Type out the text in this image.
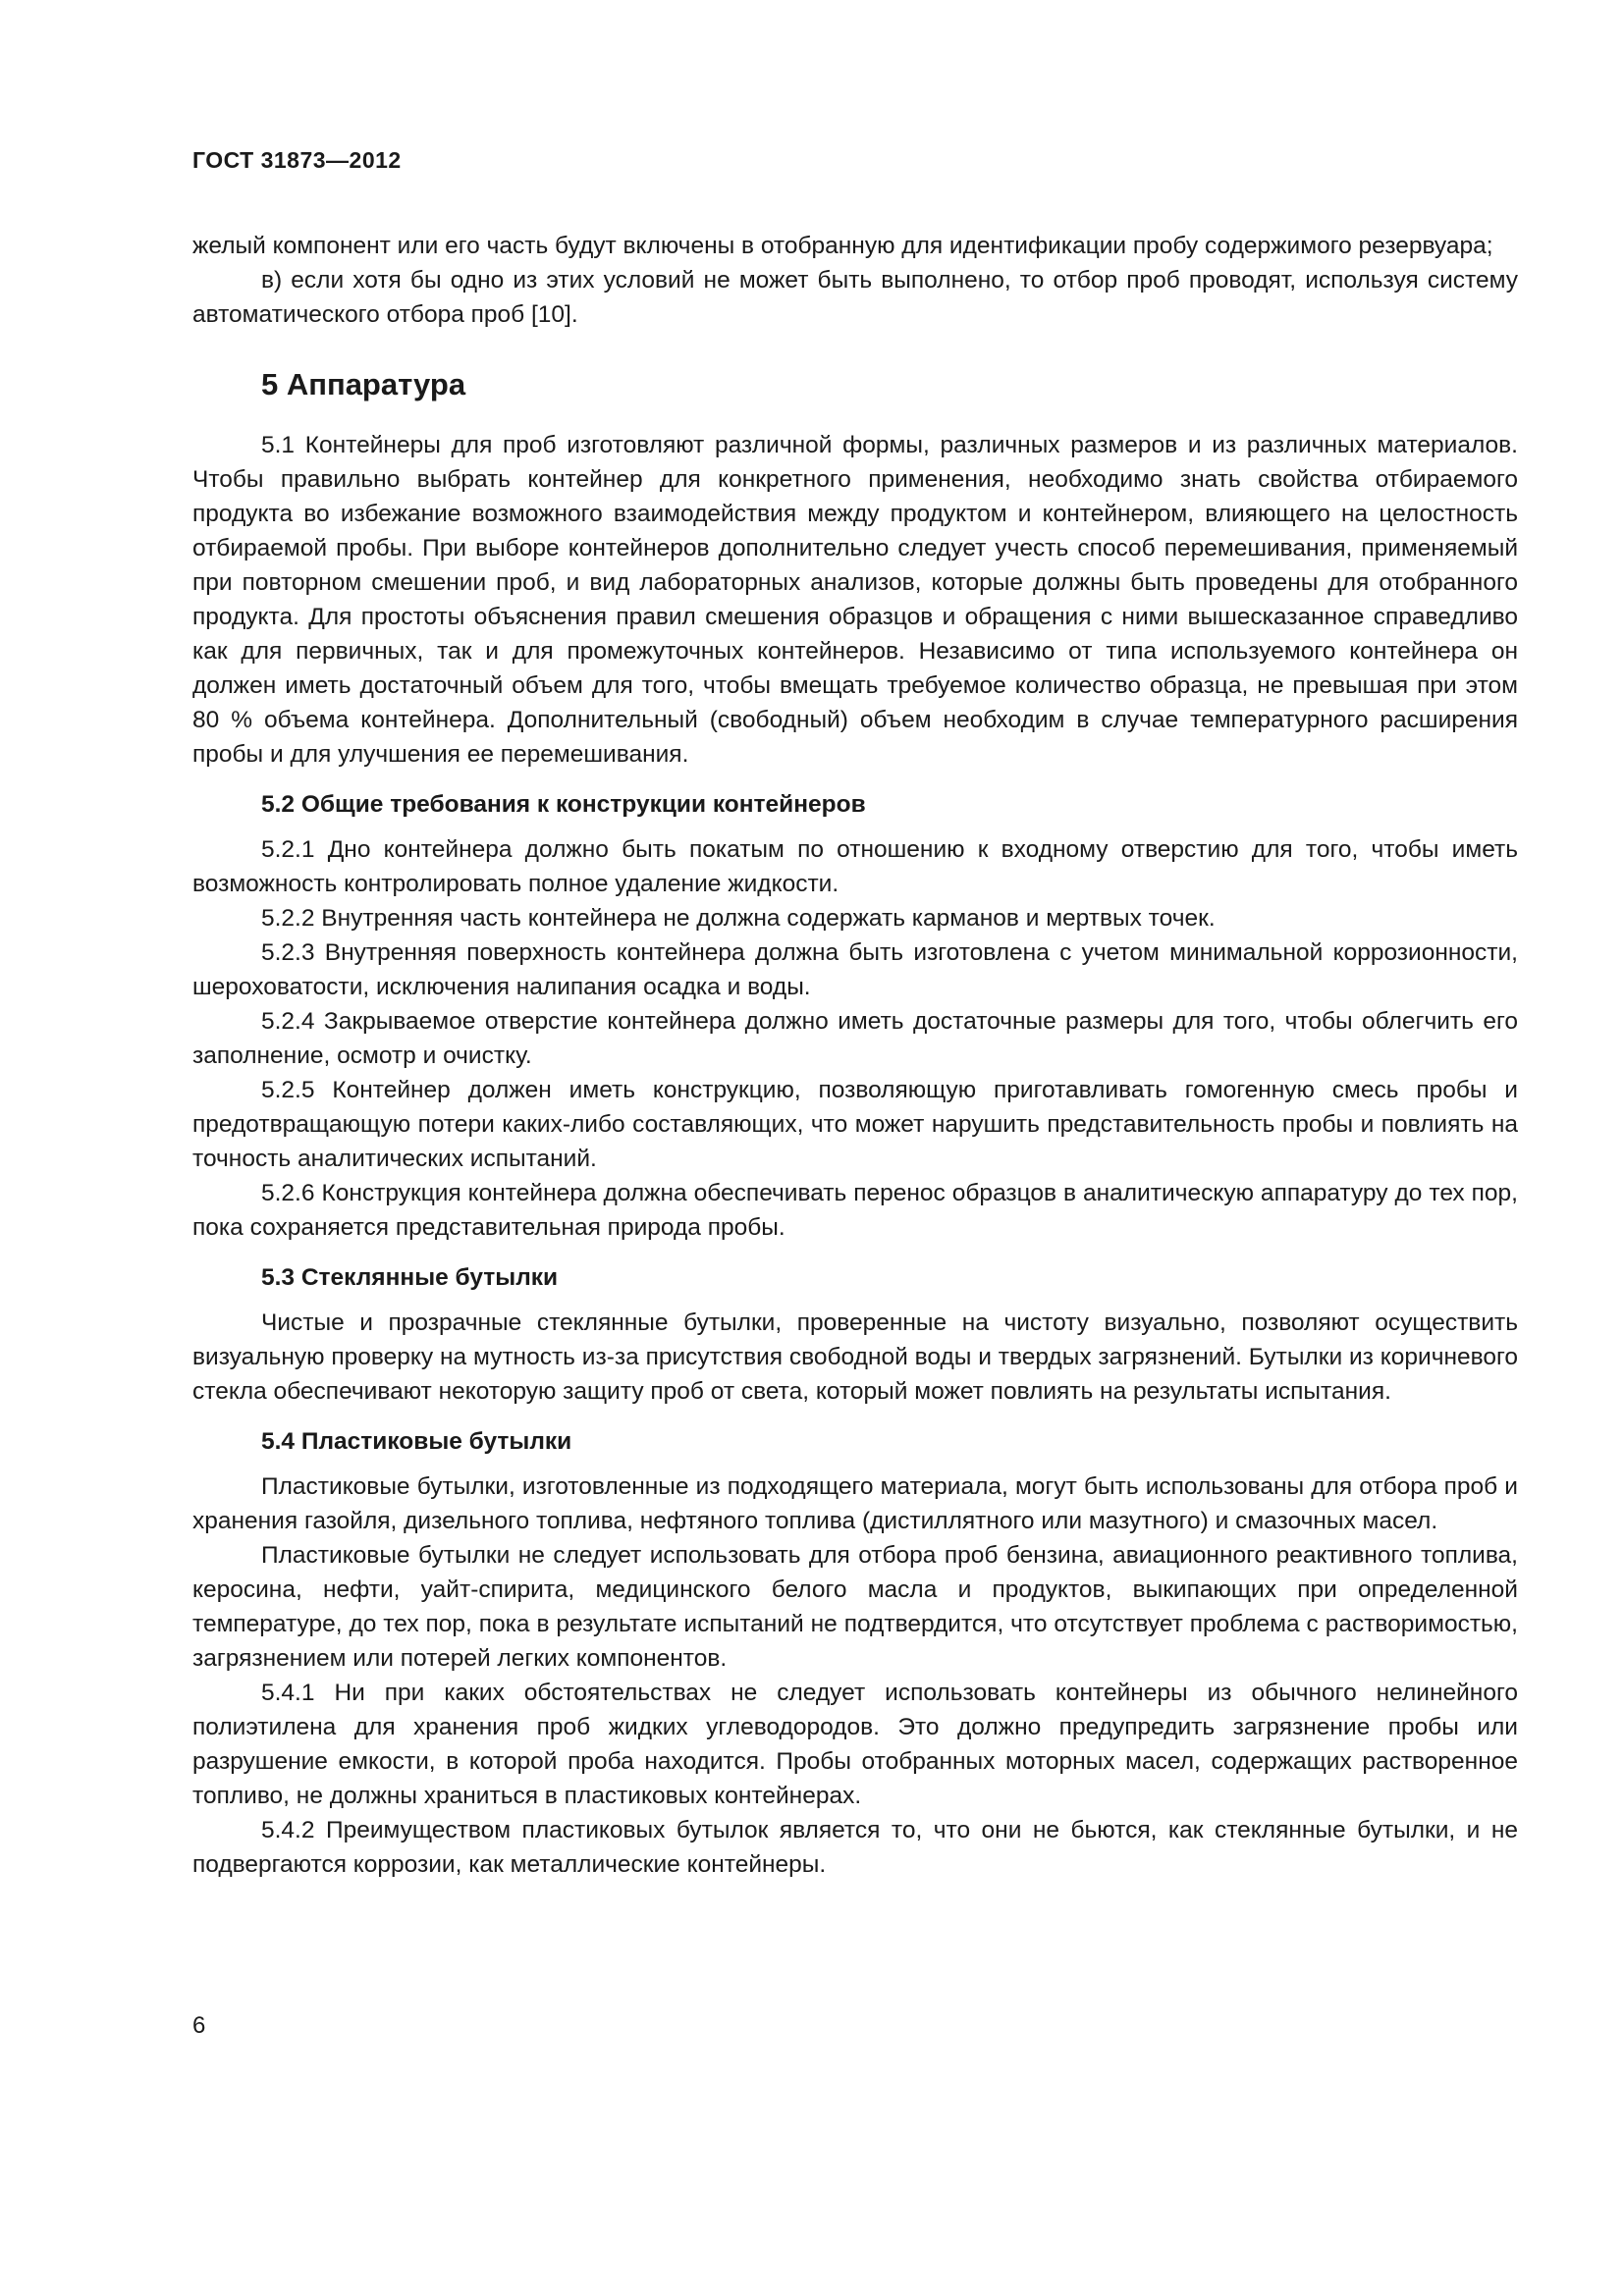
ГОСТ 31873—2012

желый компонент или его часть будут включены в отобранную для идентификации пробу содержимого резервуара;

в) если хотя бы одно из этих условий не может быть выполнено, то отбор проб проводят, используя систему автоматического отбора проб [10].

5 Аппаратура

5.1 Контейнеры для проб изготовляют различной формы, различных размеров и из различных материалов. Чтобы правильно выбрать контейнер для конкретного применения, необходимо знать свойства отбираемого продукта во избежание возможного взаимодействия между продуктом и контейнером, влияющего на целостность отбираемой пробы. При выборе контейнеров дополнительно следует учесть способ перемешивания, применяемый при повторном смешении проб, и вид лабораторных анализов, которые должны быть проведены для отобранного продукта. Для простоты объяснения правил смешения образцов и обращения с ними вышесказанное справедливо как для первичных, так и для промежуточных контейнеров. Независимо от типа используемого контейнера он должен иметь достаточный объем для того, чтобы вмещать требуемое количество образца, не превышая при этом 80 % объема контейнера. Дополнительный (свободный) объем необходим в случае температурного расширения пробы и для улучшения ее перемешивания.

5.2 Общие требования к конструкции контейнеров

5.2.1 Дно контейнера должно быть покатым по отношению к входному отверстию для того, чтобы иметь возможность контролировать полное удаление жидкости.

5.2.2 Внутренняя часть контейнера не должна содержать карманов и мертвых точек.

5.2.3 Внутренняя поверхность контейнера должна быть изготовлена с учетом минимальной коррозионности, шероховатости, исключения налипания осадка и воды.

5.2.4 Закрываемое отверстие контейнера должно иметь достаточные размеры для того, чтобы облегчить его заполнение, осмотр и очистку.

5.2.5 Контейнер должен иметь конструкцию, позволяющую приготавливать гомогенную смесь пробы и предотвращающую потери каких-либо составляющих, что может нарушить представительность пробы и повлиять на точность аналитических испытаний.

5.2.6 Конструкция контейнера должна обеспечивать перенос образцов в аналитическую аппаратуру до тех пор, пока сохраняется представительная природа пробы.

5.3 Стеклянные бутылки

Чистые и прозрачные стеклянные бутылки, проверенные на чистоту визуально, позволяют осуществить визуальную проверку на мутность из-за присутствия свободной воды и твердых загрязнений. Бутылки из коричневого стекла обеспечивают некоторую защиту проб от света, который может повлиять на результаты испытания.

5.4 Пластиковые бутылки

Пластиковые бутылки, изготовленные из подходящего материала, могут быть использованы для отбора проб и хранения газойля, дизельного топлива, нефтяного топлива (дистиллятного или мазутного) и смазочных масел.

Пластиковые бутылки не следует использовать для отбора проб бензина, авиационного реактивного топлива, керосина, нефти, уайт-спирита, медицинского белого масла и продуктов, выкипающих при определенной температуре, до тех пор, пока в результате испытаний не подтвердится, что отсутствует проблема с растворимостью, загрязнением или потерей легких компонентов.

5.4.1 Ни при каких обстоятельствах не следует использовать контейнеры из обычного нелинейного полиэтилена для хранения проб жидких углеводородов. Это должно предупредить загрязнение пробы или разрушение емкости, в которой проба находится. Пробы отобранных моторных масел, содержащих растворенное топливо, не должны храниться в пластиковых контейнерах.

5.4.2 Преимуществом пластиковых бутылок является то, что они не бьются, как стеклянные бутылки, и не подвергаются коррозии, как металлические контейнеры.

6
